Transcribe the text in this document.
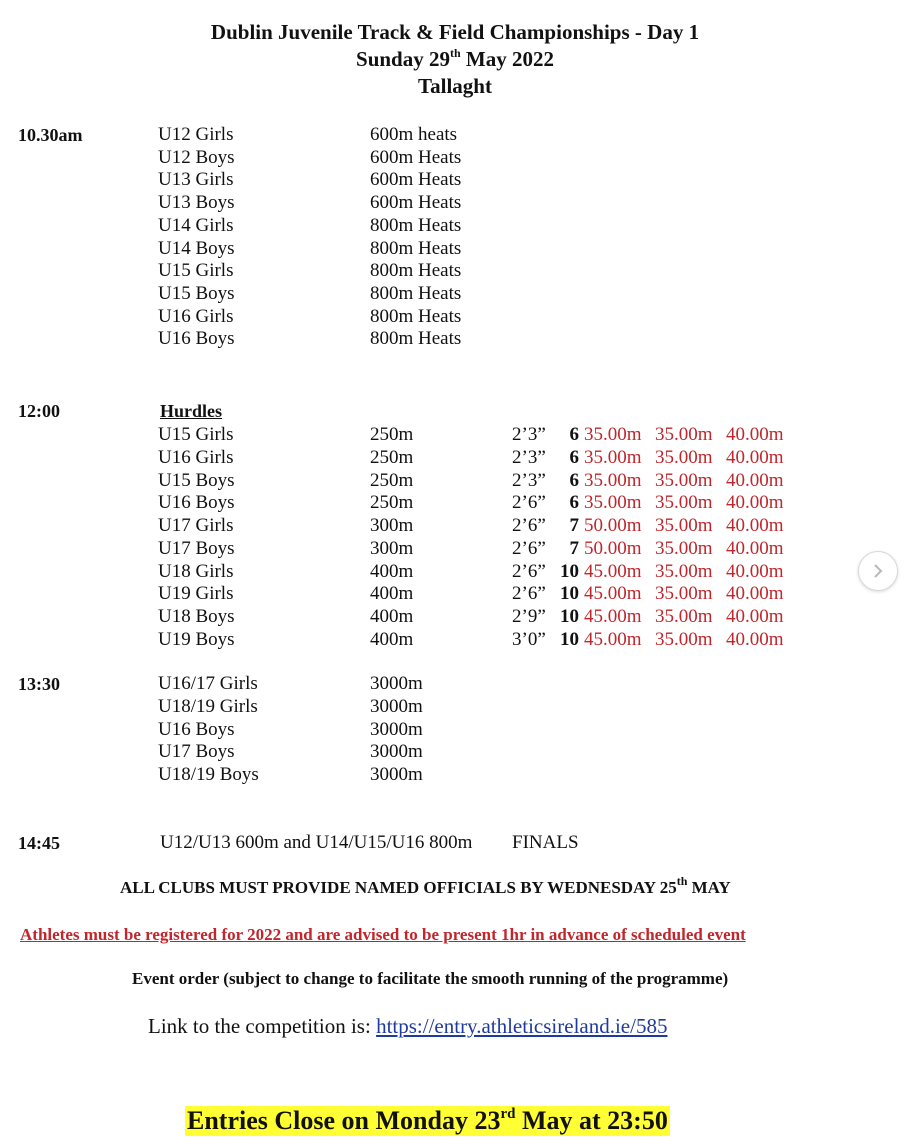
Dublin Juvenile Track & Field Championships - Day 1
Sunday 29th May 2022
Tallaght
10.30am	U12 Girls	600m heats
U12 Boys	600m Heats
U13 Girls	600m Heats
U13 Boys	600m Heats
U14 Girls	800m Heats
U14 Boys	800m Heats
U15 Girls	800m Heats
U15 Boys	800m Heats
U16 Girls	800m Heats
U16 Boys	800m Heats
12:00	Hurdles
U15 Girls	250m	2’3” 6 35.00m 35.00m 40.00m
U16 Girls	250m	2’3” 6 35.00m 35.00m 40.00m
U15 Boys	250m	2’3” 6 35.00m 35.00m 40.00m
U16 Boys	250m	2’6” 6 35.00m 35.00m 40.00m
U17 Girls	300m	2’6” 7 50.00m 35.00m 40.00m
U17 Boys	300m	2’6” 7 50.00m 35.00m 40.00m
U18 Girls	400m	2’6” 10 45.00m 35.00m 40.00m
U19 Girls	400m	2’6” 10 45.00m 35.00m 40.00m
U18 Boys	400m	2’9” 10 45.00m 35.00m 40.00m
U19 Boys	400m	3’0” 10 45.00m 35.00m 40.00m
13:30	U16/17 Girls	3000m
U18/19 Girls	3000m
U16 Boys	3000m
U17 Boys	3000m
U18/19 Boys	3000m
14:45	U12/U13 600m and U14/U15/U16 800m FINALS
ALL CLUBS MUST PROVIDE NAMED OFFICIALS BY WEDNESDAY 25th MAY
Athletes must be registered for 2022 and are advised to be present 1hr in advance of scheduled event
Event order (subject to change to facilitate the smooth running of the programme)
Link to the competition is: https://entry.athleticsireland.ie/585
Entries Close on Monday 23rd May at 23:50
